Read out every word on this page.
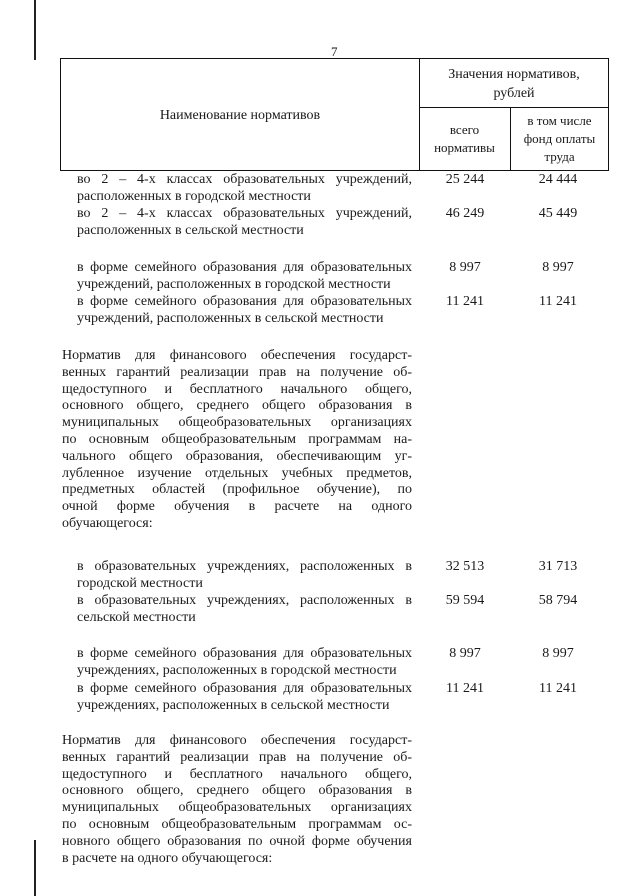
7
Наименование нормативов
Значения нормативов,
рублей
всего
нормативы
в том числе
фонд оплаты
труда
во 2 – 4-х классах образовательных учреждений,
расположенных в городской местности
25 244	24 444
во 2 – 4-х классах образовательных учреждений,
расположенных в сельской местности
46 249	45 449
в форме семейного образования для образовательных
учреждений, расположенных в городской местности
8 997	8 997
в форме семейного образования для образовательных
учреждений, расположенных в сельской местности
11 241	11 241
Норматив для финансового обеспечения государст-
венных гарантий реализации прав на получение об-
щедоступного и бесплатного начального общего,
основного общего, среднего общего образования в
муниципальных общеобразовательных организациях
по основным общеобразовательным программам на-
чального общего образования, обеспечивающим уг-
лубленное изучение отдельных учебных предметов,
предметных областей (профильное обучение), по
очной форме обучения в расчете на одного
обучающегося:
в образовательных учреждениях, расположенных в
городской местности
32 513	31 713
в образовательных учреждениях, расположенных в
сельской местности
59 594	58 794
в форме семейного образования для образовательных
учреждениях, расположенных в городской местности
8 997	8 997
в форме семейного образования для образовательных
учреждениях, расположенных в сельской местности
11 241	11 241
Норматив для финансового обеспечения государст-
венных гарантий реализации прав на получение об-
щедоступного и бесплатного начального общего,
основного общего, среднего общего образования в
муниципальных общеобразовательных организациях
по основным общеобразовательным программам ос-
новного общего образования по очной форме обучения
в расчете на одного обучающегося:
